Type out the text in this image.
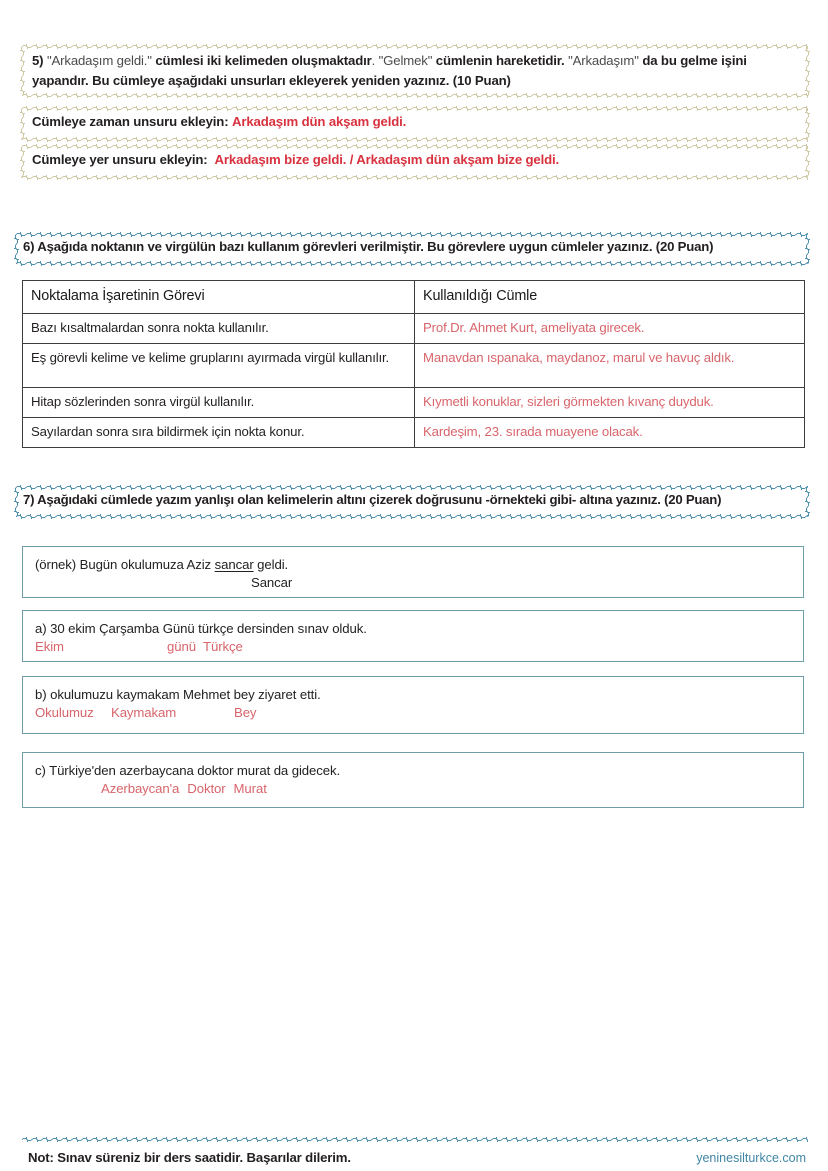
5) "Arkadaşım geldi." cümlesi iki kelimeden oluşmaktadır. "Gelmek" cümlenin hareketidir. "Arkadaşım" da bu gelme işini yapandır. Bu cümleye aşağıdaki unsurları ekleyerek yeniden yazınız. (10 Puan)
Cümleye zaman unsuru ekleyin: Arkadaşım dün akşam geldi.
Cümleye yer unsuru ekleyin: Arkadaşım bize geldi. / Arkadaşım dün akşam bize geldi.
6) Aşağıda noktanın ve virgülün bazı kullanım görevleri verilmiştir. Bu görevlere uygun cümleler yazınız. (20 Puan)
Noktalama İşaretinin Görevi	Kullanıldığı Cümle
Bazı kısaltmalardan sonra nokta kullanılır.	Prof.Dr. Ahmet Kurt, ameliyata girecek.
Eş görevli kelime ve kelime gruplarını ayırmada virgül kullanılır.	Manavdan ıspanaka, maydanoz, marul ve havuç aldık.
Hitap sözlerinden sonra virgül kullanılır.	Kıymetli konuklar, sizleri görmekten kıvanç duyduk.
Sayılardan sonra sıra bildirmek için nokta konur.	Kardeşim, 23. sırada muayene olacak.
7) Aşağıdaki cümlede yazım yanlışı olan kelimelerin altını çizerek doğrusunu -örnekteki gibi- altına yazınız. (20 Puan)
(örnek) Bugün okulumuza Aziz sancar geldi.
Sancar
a) 30 ekim Çarşamba Günü türkçe dersinden sınav olduk.
Ekim	günü Türkçe
b) okulumuzu kaymakam Mehmet bey ziyaret etti.
Okulumuz Kaymakam	Bey
c) Türkiye'den azerbaycana doktor murat da gidecek.
Azerbaycan'a Doktor Murat
Not: Sınav süreniz bir ders saatidir. Başarılar dilerim.	yeninesilturkce.com
